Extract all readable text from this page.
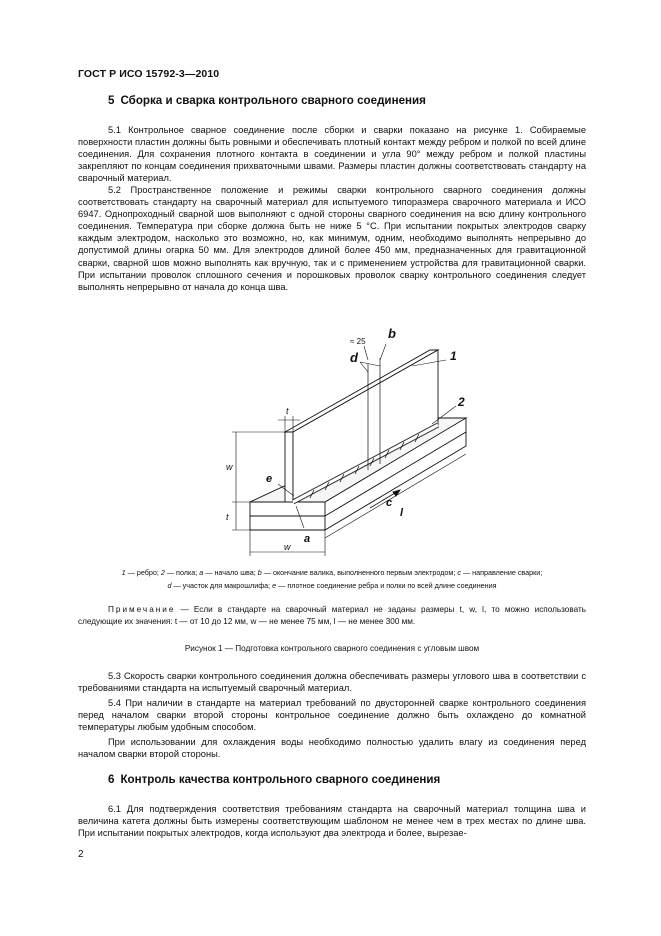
ГОСТ Р ИСО 15792-3—2010
5 Сборка и сварка контрольного сварного соединения
5.1 Контрольное сварное соединение после сборки и сварки показано на рисунке 1. Собираемые поверхности пластин должны быть ровными и обеспечивать плотный контакт между ребром и полкой по всей длине соединения. Для сохранения плотного контакта в соединении и угла 90° между ребром и полкой пластины закрепляют по концам соединения прихваточными швами. Размеры пластин должны соответствовать стандарту на сварочный материал.
5.2 Пространственное положение и режимы сварки контрольного сварного соединения должны соответствовать стандарту на сварочный материал для испытуемого типоразмера сварочного материала и ИСО 6947. Однопроходный сварной шов выполняют с одной стороны сварного соединения на всю длину контрольного соединения. Температура при сборке должна быть не ниже 5 °С. При испытании покрытых электродов сварку каждым электродом, насколько это возможно, но, как минимум, одним, необходимо выполнять непрерывно до допустимой длины огарка 50 мм. Для электродов длиной более 450 мм, предназначенных для гравитационной сварки, сварной шов можно выполнять как вручную, так и с применением устройства для гравитационной сварки. При испытании проволок сплошного сечения и порошковых проволок сварку контрольного соединения следует выполнять непрерывно от начала до конца шва.
≈ 25
b
d	1
2
t
w
e
t
c
l
a
w
1 — ребро; 2 — полка; a — начало шва; b — окончание валика, выполненного первым электродом; c — направление сварки;
d — участок для макрошлифа; e — плотное соединение ребра и полки по всей длине соединения
Примечание — Если в стандарте на сварочный материал не заданы размеры t, w, l, то можно использовать следующие их значения: t — от 10 до 12 мм, w — не менее 75 мм, l — не менее 300 мм.
Рисунок 1 — Подготовка контрольного сварного соединения с угловым швом
5.3 Скорость сварки контрольного соединения должна обеспечивать размеры углового шва в соответствии с требованиями стандарта на испытуемый сварочный материал.
5.4 При наличии в стандарте на материал требований по двусторонней сварке контрольного соединения перед началом сварки второй стороны контрольное соединение должно быть охлаждено до комнатной температуры любым удобным способом.
При использовании для охлаждения воды необходимо полностью удалить влагу из соединения перед началом сварки второй стороны.
6 Контроль качества контрольного сварного соединения
6.1 Для подтверждения соответствия требованиям стандарта на сварочный материал толщина шва и величина катета должны быть измерены соответствующим шаблоном не менее чем в трех местах по длине шва. При испытании покрытых электродов, когда используют два электрода и более, вырезае-
2
